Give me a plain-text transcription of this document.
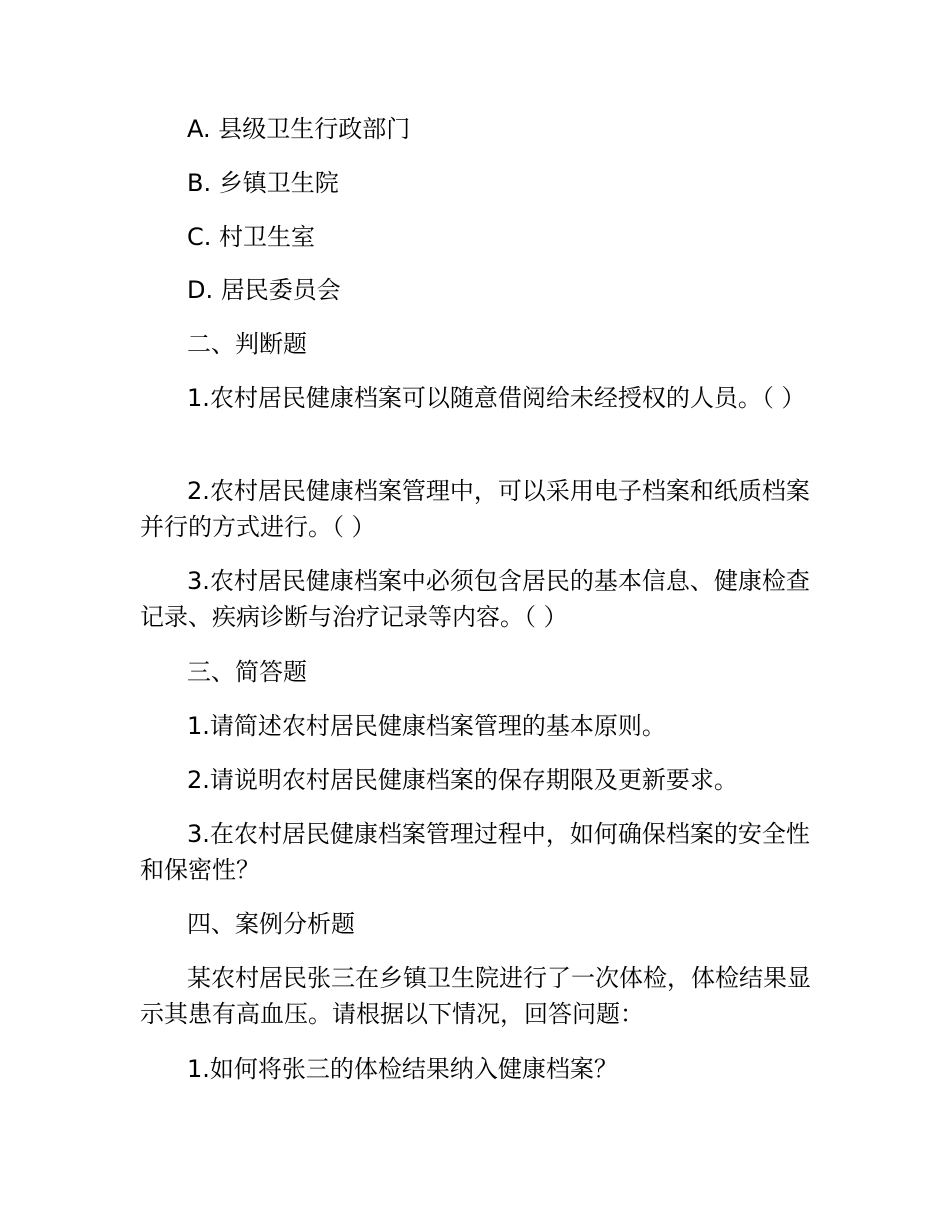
A. 县级卫生行政部门

B. 乡镇卫生院

C. 村卫生室

D. 居民委员会

二、判断题

1.农村居民健康档案可以随意借阅给未经授权的人员。（ ）

2.农村居民健康档案管理中，可以采用电子档案和纸质档案并行的方式进行。（ ）

3.农村居民健康档案中必须包含居民的基本信息、健康检查记录、疾病诊断与治疗记录等内容。（ ）

三、简答题

1.请简述农村居民健康档案管理的基本原则。

2.请说明农村居民健康档案的保存期限及更新要求。

3.在农村居民健康档案管理过程中，如何确保档案的安全性和保密性？

四、案例分析题

某农村居民张三在乡镇卫生院进行了一次体检，体检结果显示其患有高血压。请根据以下情况，回答问题：

1.如何将张三的体检结果纳入健康档案？
